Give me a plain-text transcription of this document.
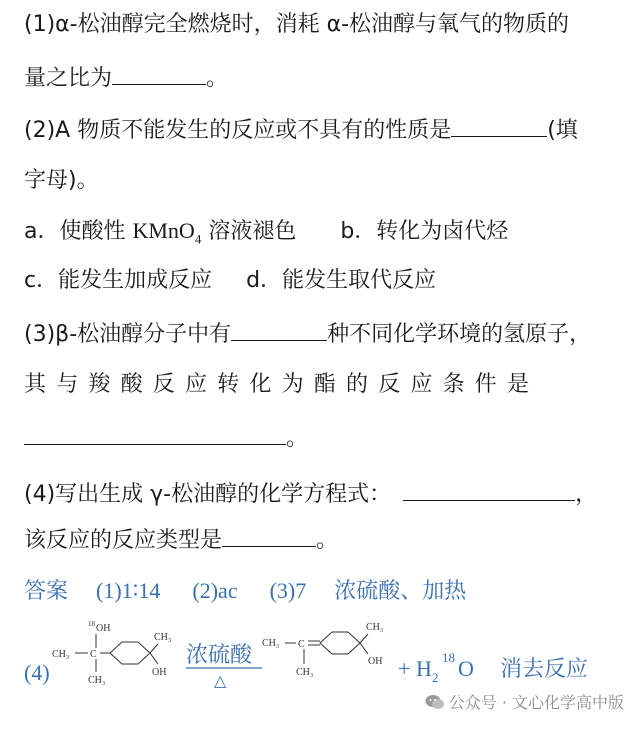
(1)α-松油醇完全燃烧时，消耗 α-松油醇与氧气的物质的
量之比为	。
(2)A 物质不能发生的反应或不具有的性质是	(填
字母)。
a．使酸性 KMnO$_4$ 溶液褪色 b．转化为卤代烃
c．能发生加成反应 d．能发生取代反应
(3)β-松油醇分子中有	种不同化学环境的氢原子，
其与羧酸反应转化为酯的反应条件是
。
(4)写出生成 γ-松油醇的化学方程式：	，
该反应的反应类型是	。
答案 (1)1∶14 (2)ac (3)7 浓硫酸、加热
(4)
18 OH
CH₃ C
CH₃
CH₃
OH
浓硫酸
△
CH₃ C
CH₃
CH₃
OH + H 2
18 O 消去反应
公众号 · 文心化学高中版
